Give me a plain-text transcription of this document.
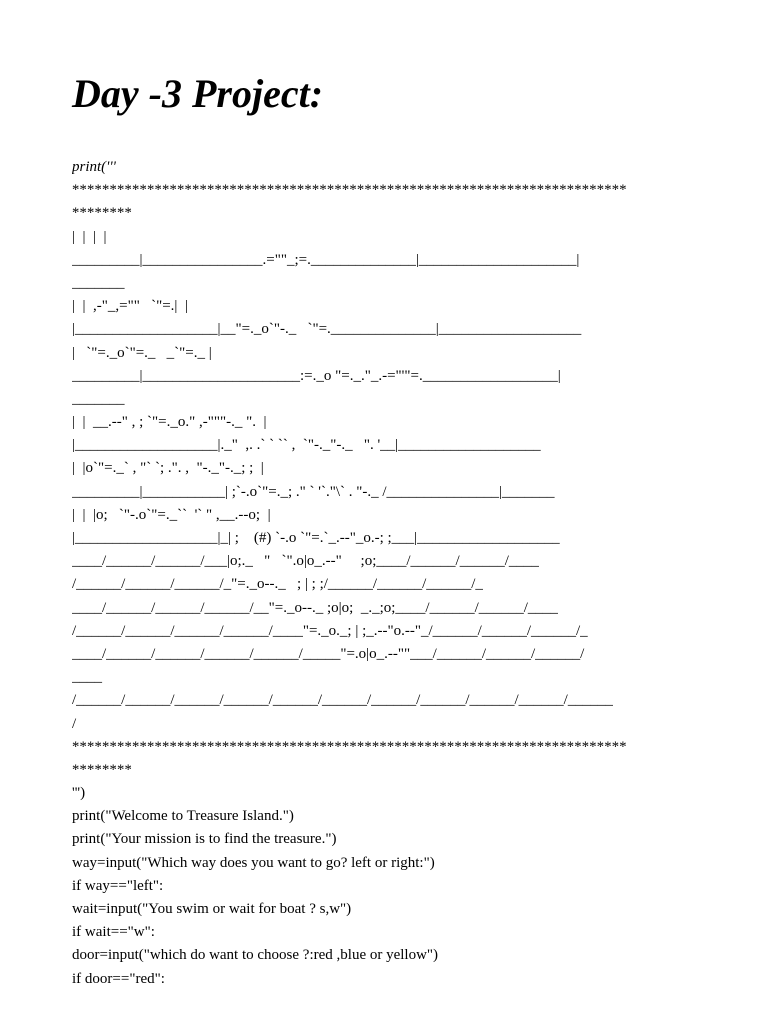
Day -3 Project:
print('''
**************************************************************************
********
|  |  |  |
_________|________________.=""_;=.______________|_____________________|
_______
|  |  ,-"_,=""   `"=.|  |
|___________________|__"=._o`"-._   `"=.______________|___________________
|   `"=._o`"=._   _`"=._ |
_________|_____________________:=._o "=._."_.-="'"=.__________________|
_______
|  |  __.--" , ; `"=._o." ,-"""-._ ".  |
|___________________|._"  ,. .` ` `` ,  `"-._"-._   ". '__|___________________
|  |o`"=._` , "` `; .". ,  "-._"-._; ;  |
_________|___________| ;`-.o`"=._; ." ` '`."\` . "-._ /_______________|_______
|  |  |o;   `"-.o`"=._``  '` " ,__.--o;  |
|___________________|_| ;    (#) `-.o `"=.`_.--"_o.-; ;___|___________________
____/______/______/___|o;._   "   `".o|o_.--"     ;o;____/______/______/____
/______/______/______/_"=._o--._   ; | ; ;/______/______/______/_
____/______/______/______/__"=._o--._ ;o|o;  _._;o;____/______/______/____
/______/______/______/______/____"=._o._; | ;_.--"o.--"_/______/______/______/_
____/______/______/______/______/_____"=.o|o_.--""___/______/______/______/
____
/______/______/______/______/______/______/______/______/______/______/______
/
**************************************************************************
********
''')
print("Welcome to Treasure Island.")
print("Your mission is to find the treasure.")
way=input("Which way does you want to go? left or right:")
if way=="left":
wait=input("You swim or wait for boat ? s,w")
if wait=="w":
door=input("which do want to choose ?:red ,blue or yellow")
if door=="red":
